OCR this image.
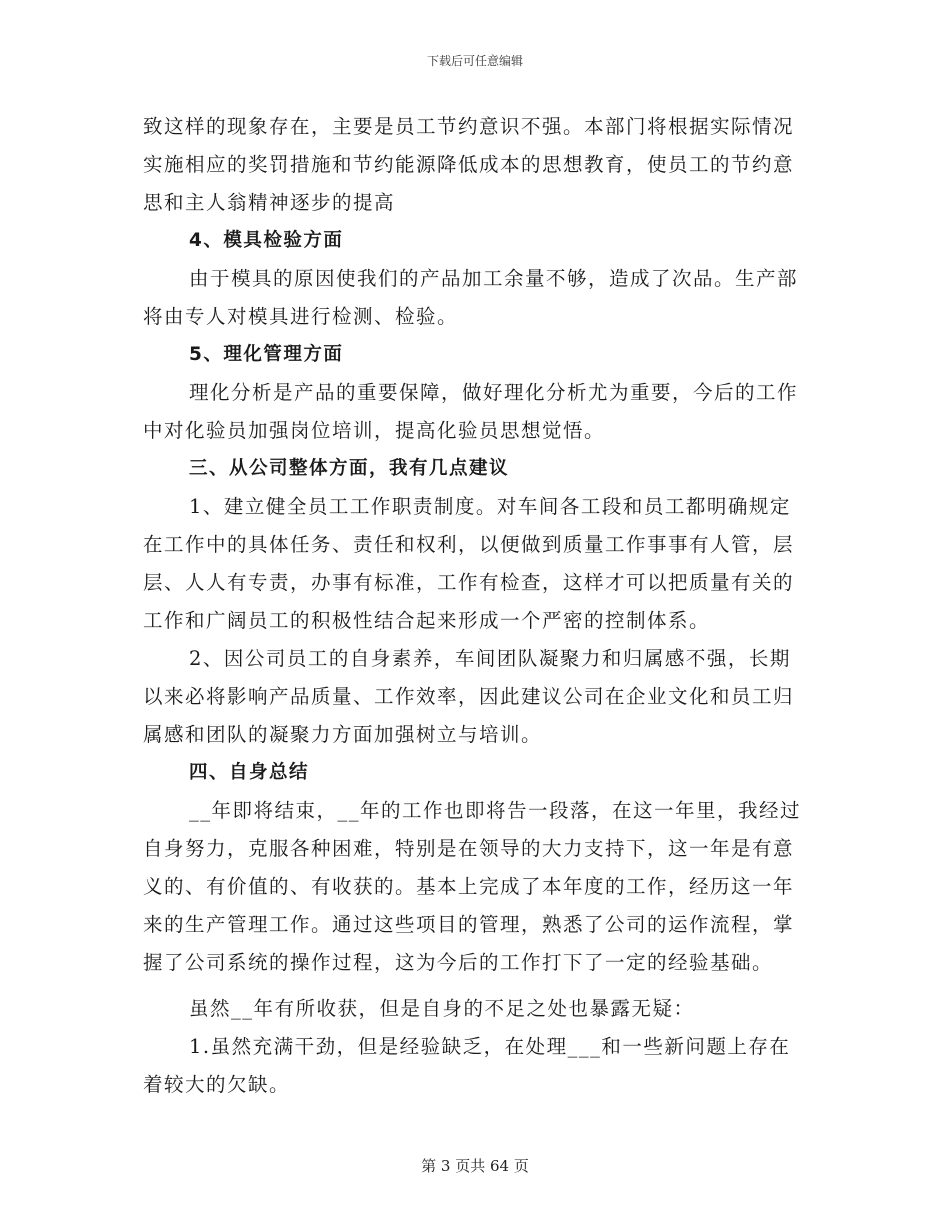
下载后可任意编辑

致这样的现象存在，主要是员工节约意识不强。本部门将根据实际情况实施相应的奖罚措施和节约能源降低成本的思想教育，使员工的节约意思和主人翁精神逐步的提高

4、模具检验方面

由于模具的原因使我们的产品加工余量不够，造成了次品。生产部将由专人对模具进行检测、检验。

5、理化管理方面

理化分析是产品的重要保障，做好理化分析尤为重要，今后的工作中对化验员加强岗位培训，提高化验员思想觉悟。

三、从公司整体方面，我有几点建议

1、建立健全员工工作职责制度。对车间各工段和员工都明确规定在工作中的具体任务、责任和权利，以便做到质量工作事事有人管，层层、人人有专责，办事有标准，工作有检查，这样才可以把质量有关的工作和广阔员工的积极性结合起来形成一个严密的控制体系。

2、因公司员工的自身素养，车间团队凝聚力和归属感不强，长期以来必将影响产品质量、工作效率，因此建议公司在企业文化和员工归属感和团队的凝聚力方面加强树立与培训。

四、自身总结

__年即将结束，__年的工作也即将告一段落，在这一年里，我经过自身努力，克服各种困难，特别是在领导的大力支持下，这一年是有意义的、有价值的、有收获的。基本上完成了本年度的工作，经历这一年来的生产管理工作。通过这些项目的管理，熟悉了公司的运作流程，掌握了公司系统的操作过程，这为今后的工作打下了一定的经验基础。

虽然__年有所收获，但是自身的不足之处也暴露无疑：

1.虽然充满干劲，但是经验缺乏，在处理___和一些新问题上存在着较大的欠缺。

第 3 页共 64 页
